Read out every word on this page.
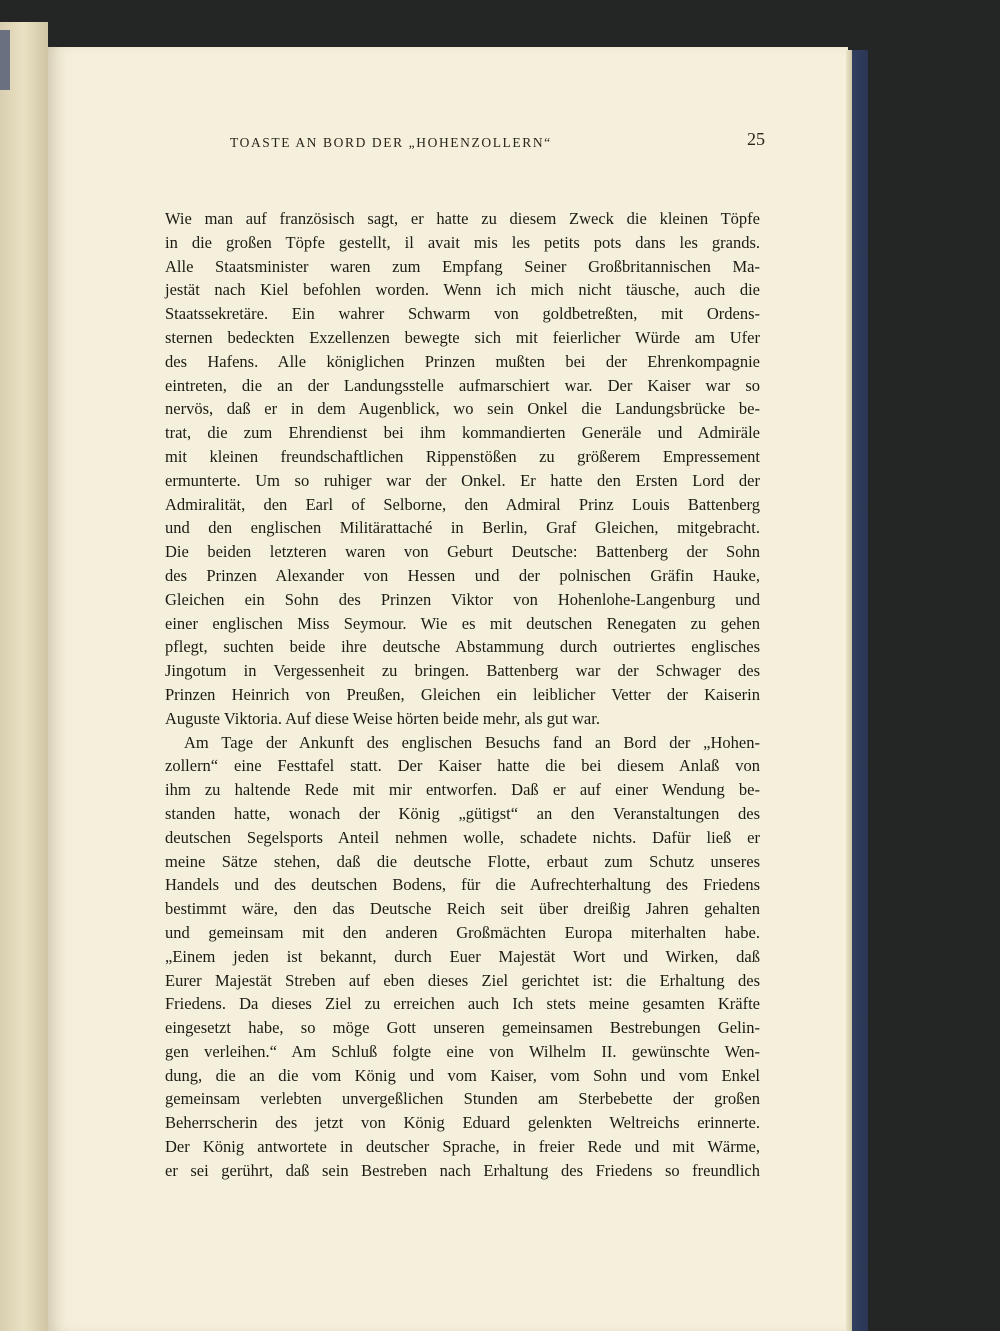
TOASTE AN BORD DER „HOHENZOLLERN“	25
Wie man auf französisch sagt, er hatte zu diesem Zweck die kleinen Töpfe
in die großen Töpfe gestellt, il avait mis les petits pots dans les grands.
Alle Staatsminister waren zum Empfang Seiner Großbritannischen Ma-
jestät nach Kiel befohlen worden. Wenn ich mich nicht täusche, auch die
Staatssekretäre. Ein wahrer Schwarm von goldbetreßten, mit Ordens-
sternen bedeckten Exzellenzen bewegte sich mit feierlicher Würde am Ufer
des Hafens. Alle königlichen Prinzen mußten bei der Ehrenkompagnie
eintreten, die an der Landungsstelle aufmarschiert war. Der Kaiser war so
nervös, daß er in dem Augenblick, wo sein Onkel die Landungsbrücke be-
trat, die zum Ehrendienst bei ihm kommandierten Generäle und Admiräle
mit kleinen freundschaftlichen Rippenstößen zu größerem Empressement
ermunterte. Um so ruhiger war der Onkel. Er hatte den Ersten Lord der
Admiralität, den Earl of Selborne, den Admiral Prinz Louis Battenberg
und den englischen Militärattaché in Berlin, Graf Gleichen, mitgebracht.
Die beiden letzteren waren von Geburt Deutsche: Battenberg der Sohn
des Prinzen Alexander von Hessen und der polnischen Gräfin Hauke,
Gleichen ein Sohn des Prinzen Viktor von Hohenlohe-Langenburg und
einer englischen Miss Seymour. Wie es mit deutschen Renegaten zu gehen
pflegt, suchten beide ihre deutsche Abstammung durch outriertes englisches
Jingotum in Vergessenheit zu bringen. Battenberg war der Schwager des
Prinzen Heinrich von Preußen, Gleichen ein leiblicher Vetter der Kaiserin
Auguste Viktoria. Auf diese Weise hörten beide mehr, als gut war.
Am Tage der Ankunft des englischen Besuchs fand an Bord der „Hohen-
zollern“ eine Festtafel statt. Der Kaiser hatte die bei diesem Anlaß von
ihm zu haltende Rede mit mir entworfen. Daß er auf einer Wendung be-
standen hatte, wonach der König „gütigst“ an den Veranstaltungen des
deutschen Segelsports Anteil nehmen wolle, schadete nichts. Dafür ließ er
meine Sätze stehen, daß die deutsche Flotte, erbaut zum Schutz unseres
Handels und des deutschen Bodens, für die Aufrechterhaltung des Friedens
bestimmt wäre, den das Deutsche Reich seit über dreißig Jahren gehalten
und gemeinsam mit den anderen Großmächten Europa miterhalten habe.
„Einem jeden ist bekannt, durch Euer Majestät Wort und Wirken, daß
Eurer Majestät Streben auf eben dieses Ziel gerichtet ist: die Erhaltung des
Friedens. Da dieses Ziel zu erreichen auch Ich stets meine gesamten Kräfte
eingesetzt habe, so möge Gott unseren gemeinsamen Bestrebungen Gelin-
gen verleihen.“ Am Schluß folgte eine von Wilhelm II. gewünschte Wen-
dung, die an die vom König und vom Kaiser, vom Sohn und vom Enkel
gemeinsam verlebten unvergeßlichen Stunden am Sterbebette der großen
Beherrscherin des jetzt von König Eduard gelenkten Weltreichs erinnerte.
Der König antwortete in deutscher Sprache, in freier Rede und mit Wärme,
er sei gerührt, daß sein Bestreben nach Erhaltung des Friedens so freundlich
